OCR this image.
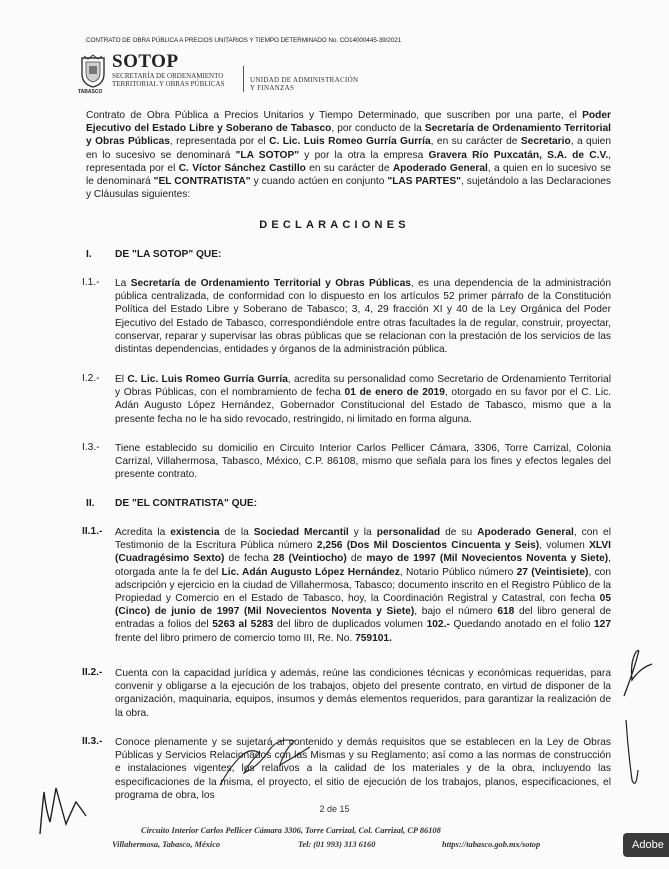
CONTRATO DE OBRA PÚBLICA A PRECIOS UNITARIOS Y TIEMPO DETERMINADO No. CO14000445-39/2021
TABASCO
SOTOP
SECRETARÍA DE ORDENAMIENTO
TERRITORIAL Y OBRAS PÚBLICAS	UNIDAD DE ADMINISTRACIÓN
Y FINANZAS
Contrato de Obra Pública a Precios Unitarios y Tiempo Determinado, que suscriben por una parte, el Poder Ejecutivo del Estado Libre y Soberano de Tabasco, por conducto de la Secretaría de Ordenamiento Territorial y Obras Públicas, representada por el C. Lic. Luis Romeo Gurría Gurría, en su carácter de Secretario, a quien en lo sucesivo se denominará "LA SOTOP" y por la otra la empresa Gravera Río Puxcatán, S.A. de C.V., representada por el C. Víctor Sánchez Castillo en su carácter de Apoderado General, a quien en lo sucesivo se le denominará "EL CONTRATISTA" y cuando actúen en conjunto "LAS PARTES", sujetándolo a las Declaraciones y Cláusulas siguientes:
DECLARACIONES
I. DE "LA SOTOP" QUE:
I.1.- La Secretaría de Ordenamiento Territorial y Obras Públicas, es una dependencia de la administración pública centralizada, de conformidad con lo dispuesto en los artículos 52 primer párrafo de la Constitución Política del Estado Libre y Soberano de Tabasco; 3, 4, 29 fracción XI y 40 de la Ley Orgánica del Poder Ejecutivo del Estado de Tabasco, correspondiéndole entre otras facultades la de regular, construir, proyectar, conservar, reparar y supervisar las obras públicas que se relacionan con la prestación de los servicios de las distintas dependencias, entidades y órganos de la administración pública.
I.2.- El C. Lic. Luis Romeo Gurría Gurría, acredita su personalidad como Secretario de Ordenamiento Territorial y Obras Públicas, con el nombramiento de fecha 01 de enero de 2019, otorgado en su favor por el C. Lic. Adán Augusto López Hernández, Gobernador Constitucional del Estado de Tabasco, mismo que a la presente fecha no le ha sido revocado, restringido, ni limitado en forma alguna.
I.3.- Tiene establecido su domicilio en Circuito Interior Carlos Pellicer Cámara, 3306, Torre Carrizal, Colonia Carrizal, Villahermosa, Tabasco, México, C.P. 86108, mismo que señala para los fines y efectos legales del presente contrato.
II. DE "EL CONTRATISTA" QUE:
II.1.- Acredita la existencia de la Sociedad Mercantil y la personalidad de su Apoderado General, con el Testimonio de la Escritura Pública número 2,256 (Dos Mil Doscientos Cincuenta y Seis), volumen XLVI (Cuadragésimo Sexto) de fecha 28 (Veintiocho) de mayo de 1997 (Mil Novecientos Noventa y Siete), otorgada ante la fe del Lic. Adán Augusto López Hernández, Notario Público número 27 (Veintisiete), con adscripción y ejercicio en la ciudad de Villahermosa, Tabasco; documento inscrito en el Registro Público de la Propiedad y Comercio en el Estado de Tabasco, hoy, la Coordinación Registral y Catastral, con fecha 05 (Cinco) de junio de 1997 (Mil Novecientos Noventa y Siete), bajo el número 618 del libro general de entradas a folios del 5263 al 5283 del libro de duplicados volumen 102.- Quedando anotado en el folio 127 frente del libro primero de comercio tomo III, Re. No. 759101.
II.2.- Cuenta con la capacidad jurídica y además, reúne las condiciones técnicas y económicas requeridas, para convenir y obligarse a la ejecución de los trabajos, objeto del presente contrato, en virtud de disponer de la organización, maquinaria, equipos, insumos y demás elementos requeridos, para garantizar la realización de la obra.
II.3.- Conoce plenamente y se sujetará al contenido y demás requisitos que se establecen en la Ley de Obras Públicas y Servicios Relacionados con las Mismas y su Reglamento; así como a las normas de construcción e instalaciones vigentes, los relativos a la calidad de los materiales y de la obra, incluyendo las especificaciones de la misma, el proyecto, el sitio de ejecución de los trabajos, planos, especificaciones, el programa de obra, los
2 de 15
Circuito Interior Carlos Pellicer Cámara 3306, Torre Carrizal, Col. Carrizal, CP 86108
Villahermosa, Tabasco, México	Tel: (01 993) 313 6160	https://tabasco.gob.mx/sotop	Adobe
